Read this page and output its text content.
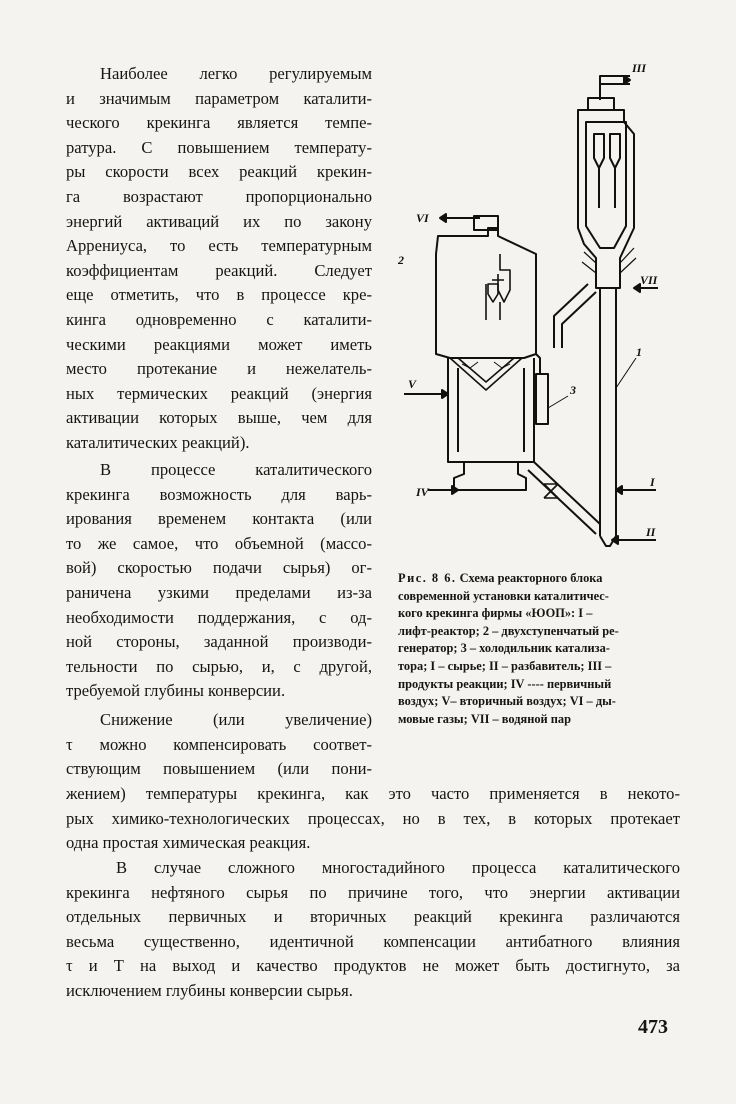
Наиболее легко регулируемым
и значимым параметром каталити-
ческого крекинга является темпе-
ратура. С повышением температу-
ры скорости всех реакций крекин-
га возрастают пропорционально
энергий активаций их по закону
Аррениуса, то есть температурным
коэффициентам реакций. Следует
еще отметить, что в процессе кре-
кинга одновременно с каталити-
ческими реакциями может иметь
место протекание и нежелатель-
ных термических реакций (энергия
активации которых выше, чем для
каталитических реакций).
В процессе каталитического
крекинга возможность для варь-
ирования временем контакта (или
то же самое, что объемной (массо-
вой) скоростью подачи сырья) ог-
раничена узкими пределами из-за
необходимости поддержания, с од-
ной стороны, заданной производи-
тельности по сырью, и, с другой,
требуемой глубины конверсии.
Снижение (или увеличение)
τ можно компенсировать соответ-
ствующим повышением (или пони-
жением) температуры крекинга, как это часто применяется в некото-
рых химико-технологических процессах, но в тех, в которых протекает
одна простая химическая реакция.
В случае сложного многостадийного процесса каталитического
крекинга нефтяного сырья по причине того, что энергии активации
отдельных первичных и вторичных реакций крекинга различаются
весьма существенно, идентичной компенсации антибатного влияния
τ и Т на выход и качество продуктов не может быть достигнуто, за
исключением глубины конверсии сырья.
III
VI
VII
2
1
V	3
IV
I
II
Рис. 8 6. Схема реакторного блока
современной установки каталитичес-
кого крекинга фирмы «ЮОП»: I –
лифт-реактор; 2 – двухступенчатый ре-
генератор; 3 – холодильник катализа-
тора; I – сырье; II – разбавитель; III –
продукты реакции; IV ---- первичный
воздух; V– вторичный воздух; VI – ды-
мовые газы; VII – водяной пар
473
